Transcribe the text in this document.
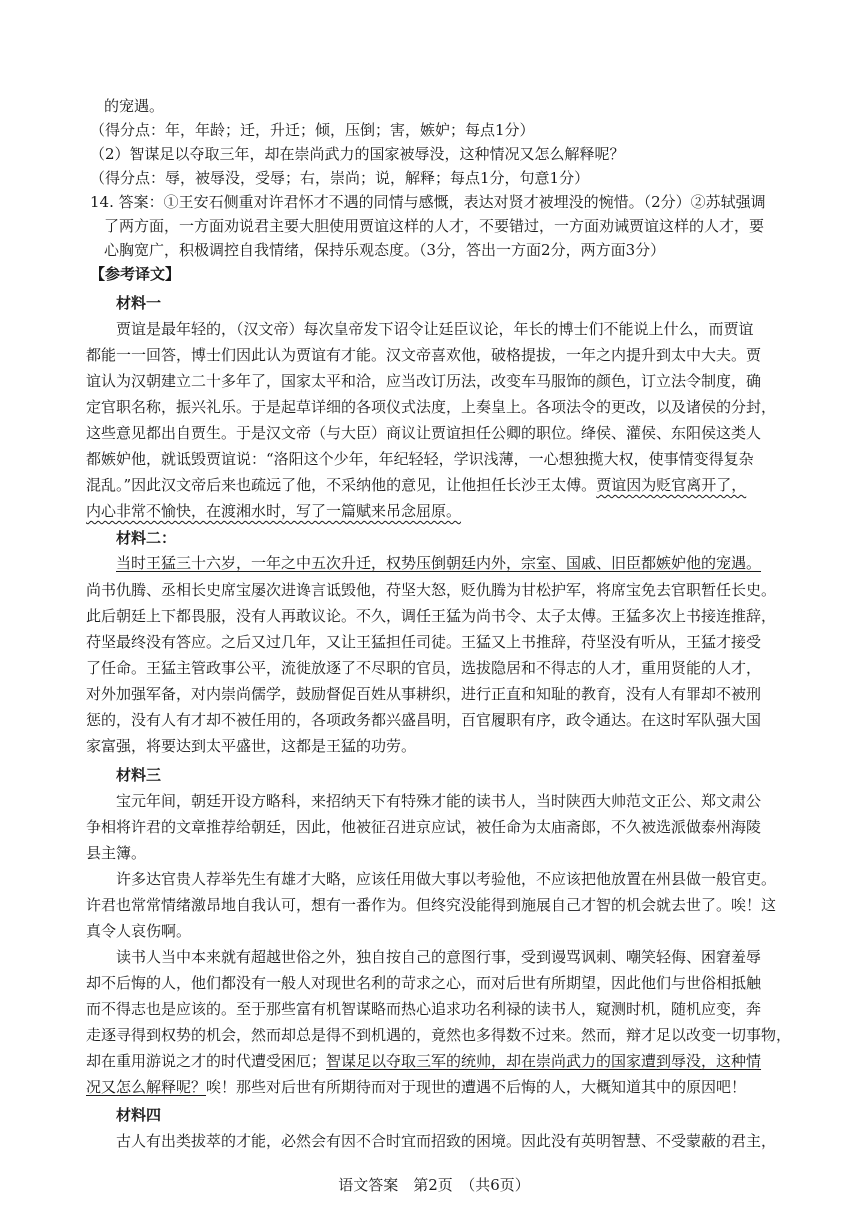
的宠遇。
（得分点：年，年龄；迁，升迁；倾，压倒；害，嫉妒；每点1分）
（2）智谋足以夺取三年，却在崇尚武力的国家被辱没，这种情况又怎么解释呢？
（得分点：辱，被辱没，受辱；右，崇尚；说，解释；每点1分，句意1分）
14. 答案：①王安石侧重对许君怀才不遇的同情与感慨，表达对贤才被埋没的惋惜。（2分）②苏轼强调
了两方面，一方面劝说君主要大胆使用贾谊这样的人才，不要错过，一方面劝诫贾谊这样的人才，要
心胸宽广，积极调控自我情绪，保持乐观态度。（3分，答出一方面2分，两方面3分）
【参考译文】
材料一
贾谊是最年轻的，（汉文帝）每次皇帝发下诏令让廷臣议论，年长的博士们不能说上什么，而贾谊
都能一一回答，博士们因此认为贾谊有才能。汉文帝喜欢他，破格提拔，一年之内提升到太中大夫。贾
谊认为汉朝建立二十多年了，国家太平和洽，应当改订历法，改变车马服饰的颜色，订立法令制度，确
定官职名称，振兴礼乐。于是起草详细的各项仪式法度，上奏皇上。各项法令的更改，以及诸侯的分封，
这些意见都出自贾生。于是汉文帝（与大臣）商议让贾谊担任公卿的职位。绛侯、灌侯、东阳侯这类人
都嫉妒他，就诋毁贾谊说：“洛阳这个少年，年纪轻轻，学识浅薄，一心想独揽大权，使事情变得复杂
混乱。”因此汉文帝后来也疏远了他，不采纳他的意见，让他担任长沙王太傅。贾谊因为贬官离开了，
内心非常不愉快，在渡湘水时，写了一篇赋来吊念屈原。
材料二：
当时王猛三十六岁，一年之中五次升迁，权势压倒朝廷内外，宗室、国戚、旧臣都嫉妒他的宠遇。
尚书仇腾、丞相长史席宝屡次进谗言诋毁他，苻坚大怒，贬仇腾为甘松护军，将席宝免去官职暂任长史。
此后朝廷上下都畏服，没有人再敢议论。不久，调任王猛为尚书令、太子太傅。王猛多次上书接连推辞，
苻坚最终没有答应。之后又过几年，又让王猛担任司徒。王猛又上书推辞，苻坚没有听从，王猛才接受
了任命。王猛主管政事公平，流徙放逐了不尽职的官员，选拔隐居和不得志的人才，重用贤能的人才，
对外加强军备，对内崇尚儒学，鼓励督促百姓从事耕织，进行正直和知耻的教育，没有人有罪却不被刑
惩的，没有人有才却不被任用的，各项政务都兴盛昌明，百官履职有序，政令通达。在这时军队强大国
家富强，将要达到太平盛世，这都是王猛的功劳。
材料三
宝元年间，朝廷开设方略科，来招纳天下有特殊才能的读书人，当时陕西大帅范文正公、郑文肃公
争相将许君的文章推荐给朝廷，因此，他被征召进京应试，被任命为太庙斋郎，不久被选派做泰州海陵
县主簿。
许多达官贵人荐举先生有雄才大略，应该任用做大事以考验他，不应该把他放置在州县做一般官吏。
许君也常常情绪激昂地自我认可，想有一番作为。但终究没能得到施展自己才智的机会就去世了。唉！这
真令人哀伤啊。
读书人当中本来就有超越世俗之外，独自按自己的意图行事，受到谩骂讽刺、嘲笑轻侮、困窘羞辱
却不后悔的人，他们都没有一般人对现世名利的苛求之心，而对后世有所期望，因此他们与世俗相抵触
而不得志也是应该的。至于那些富有机智谋略而热心追求功名利禄的读书人，窥测时机，随机应变，奔
走逐寻得到权势的机会，然而却总是得不到机遇的，竟然也多得数不过来。然而，辩才足以改变一切事物，
却在重用游说之才的时代遭受困厄；智谋足以夺取三军的统帅，却在崇尚武力的国家遭到辱没，这种情
况又怎么解释呢？唉！那些对后世有所期待而对于现世的遭遇不后悔的人，大概知道其中的原因吧！
材料四
古人有出类拔萃的才能，必然会有因不合时宜而招致的困境。因此没有英明智慧、不受蒙蔽的君主，
语文答案　第2页　（共6页）
